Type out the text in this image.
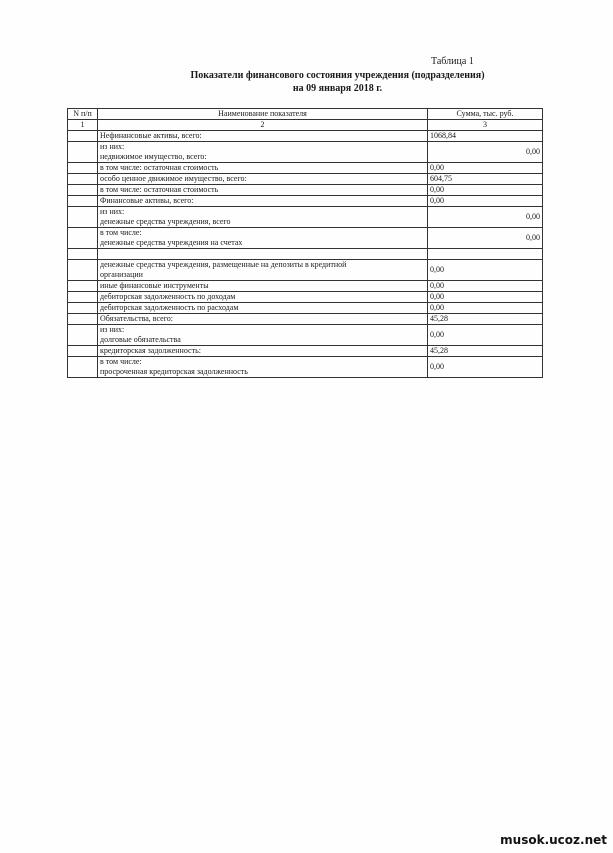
Таблица 1
Показатели финансового состояния учреждения (подразделения)
на 09 января 2018 г.
N п/п	Наименование показателя	Сумма, тыс. руб.
1	2	3

	Нефинансовые активы, всего:	1068,84

	из них:
недвижимое имущество, всего:	0,00

	в том числе: остаточная стоимость	0,00

	особо ценное движимое имущество, всего:	604,75

	в том числе: остаточная стоимость	0,00

	Финансовые активы, всего:	0,00

	из них:
денежные средства учреждения, всего	0,00

	в том числе:
денежные средства учреждения на счетах	0,00

	денежные средства учреждения, размещенные на депозиты в кредитной
организации	0,00

	иные финансовые инструменты	0,00

	дебиторская задолженность по доходам	0,00

	дебиторская задолженность по расходам	0,00

	Обязательства, всего:	45,28

	из них:
долговые обязательства	0,00

	кредиторская задолженность:	45,28

	в том числе:
просроченная кредиторская задолженность	0,00
musok.ucoz.net
